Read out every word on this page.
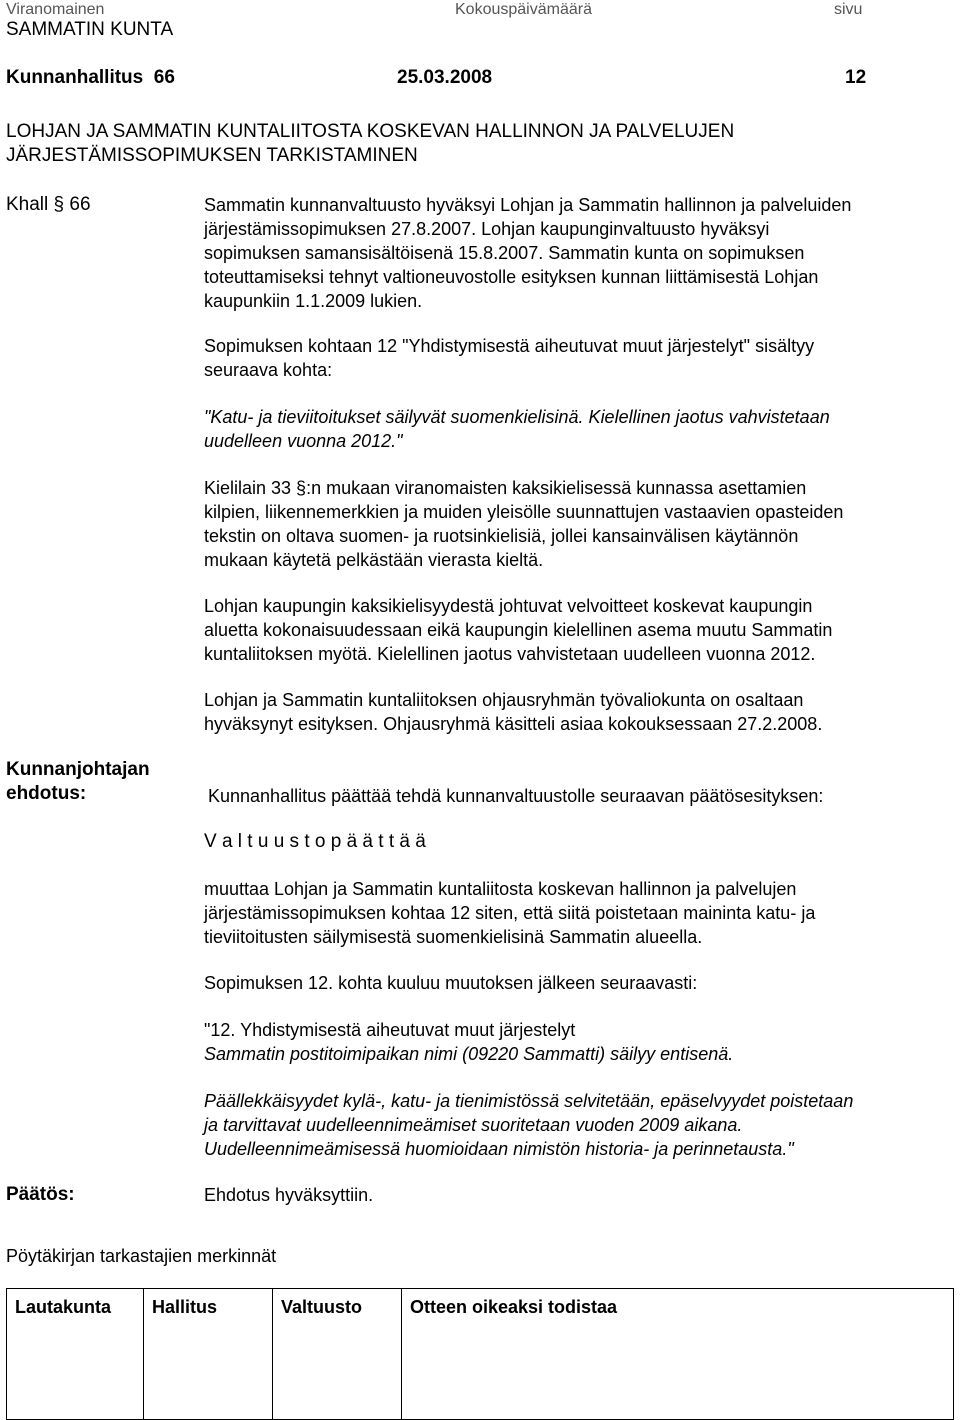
Viranomainen	Kokouspäivämäärä	sivu
SAMMATIN KUNTA
Kunnanhallitus 66	25.03.2008	12
LOHJAN JA SAMMATIN KUNTALIITOSTA KOSKEVAN HALLINNON JA PALVELUJEN
JÄRJESTÄMISSOPIMUKSEN TARKISTAMINEN
Khall § 66	Sammatin kunnanvaltuusto hyväksyi Lohjan ja Sammatin hallinnon ja palveluiden

järjestämissopimuksen 27.8.2007. Lohjan kaupunginvaltuusto hyväksyi

sopimuksen samansisältöisenä 15.8.2007. Sammatin kunta on sopimuksen

toteuttamiseksi tehnyt valtioneuvostolle esityksen kunnan liittämisestä Lohjan

kaupunkiin 1.1.2009 lukien.

Sopimuksen kohtaan 12 "Yhdistymisestä aiheutuvat muut järjestelyt" sisältyy

seuraava kohta:

"Katu- ja tieviitoitukset säilyvät suomenkielisinä. Kielellinen jaotus vahvistetaan

uudelleen vuonna 2012."

Kielilain 33 §:n mukaan viranomaisten kaksikielisessä kunnassa asettamien

kilpien, liikennemerkkien ja muiden yleisölle suunnattujen vastaavien opasteiden

tekstin on oltava suomen- ja ruotsinkielisiä, jollei kansainvälisen käytännön

mukaan käytetä pelkästään vierasta kieltä.

Lohjan kaupungin kaksikielisyydestä johtuvat velvoitteet koskevat kaupungin

aluetta kokonaisuudessaan eikä kaupungin kielellinen asema muutu Sammatin

kuntaliitoksen myötä. Kielellinen jaotus vahvistetaan uudelleen vuonna 2012.

Lohjan ja Sammatin kuntaliitoksen ohjausryhmän työvaliokunta on osaltaan

hyväksynyt esityksen. Ohjausryhmä käsitteli asiaa kokouksessaan 27.2.2008.

Kunnanjohtajan
ehdotus:	Kunnanhallitus päättää tehdä kunnanvaltuustolle seuraavan päätösesityksen:
V a l t u u s t o p ä ä t t ä ä

muuttaa Lohjan ja Sammatin kuntaliitosta koskevan hallinnon ja palvelujen

järjestämissopimuksen kohtaa 12 siten, että siitä poistetaan maininta katu- ja

tieviitoitusten säilymisestä suomenkielisinä Sammatin alueella.

Sopimuksen 12. kohta kuuluu muutoksen jälkeen seuraavasti:

"12. Yhdistymisestä aiheutuvat muut järjestelyt

Sammatin postitoimipaikan nimi (09220 Sammatti) säilyy entisenä.

Päällekkäisyydet kylä-, katu- ja tienimistössä selvitetään, epäselvyydet poistetaan

ja tarvittavat uudelleennimeämiset suoritetaan vuoden 2009 aikana.

Uudelleennimeämisessä huomioidaan nimistön historia- ja perinnetausta."

Päätös:	Ehdotus hyväksyttiin.
Pöytäkirjan tarkastajien merkinnät
Lautakunta	Hallitus	Valtuusto	Otteen oikeaksi todistaa
